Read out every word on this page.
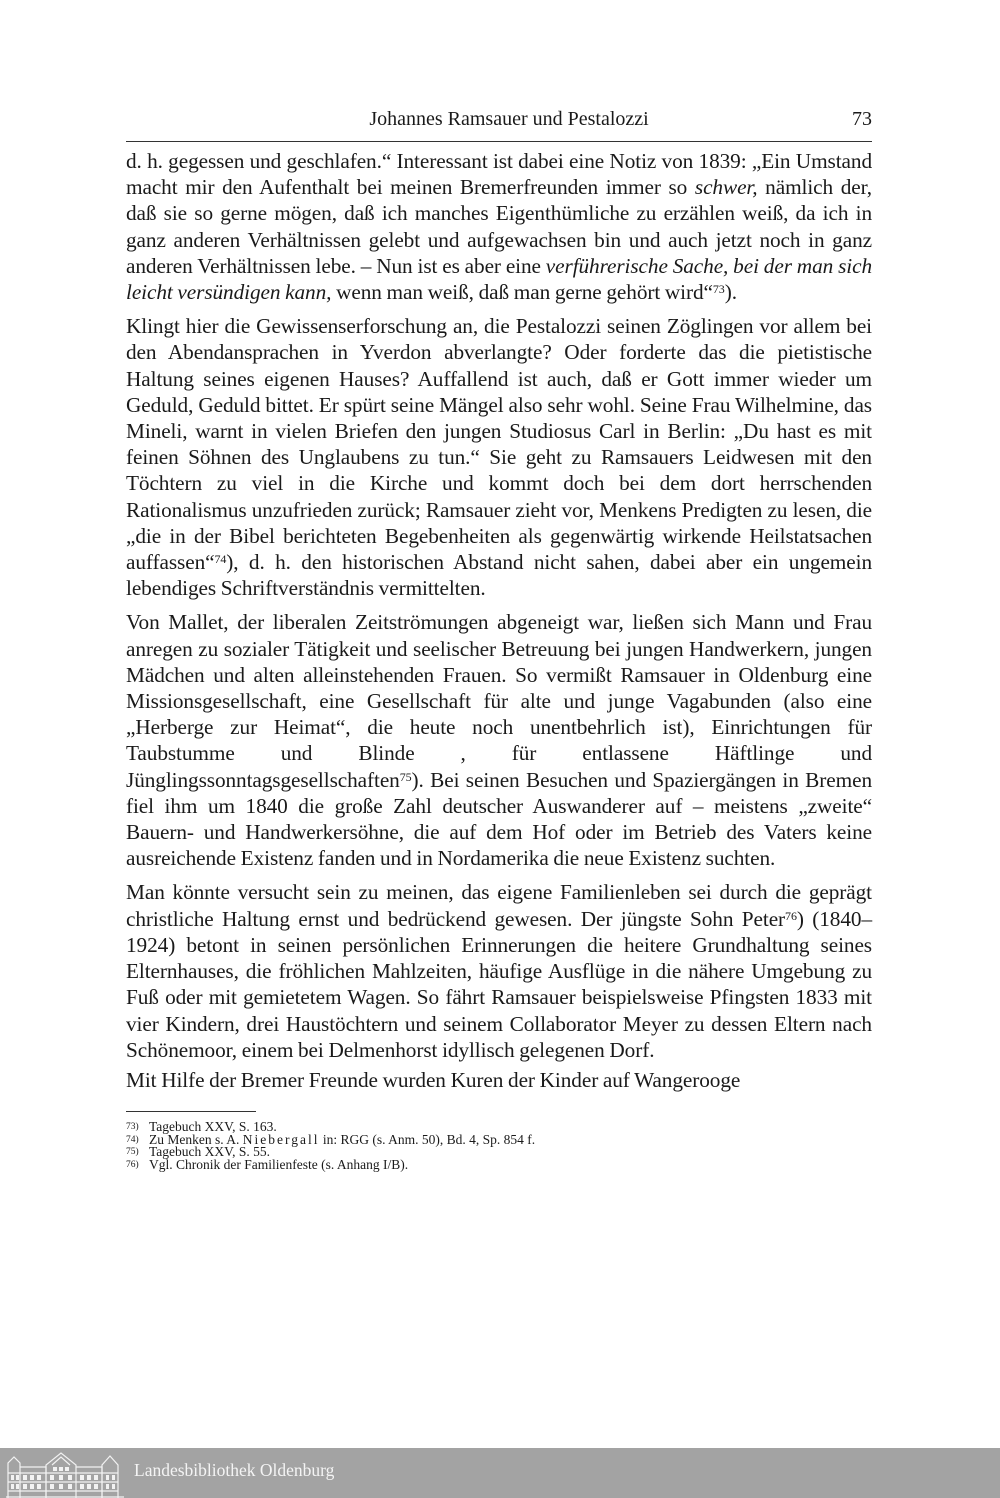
Johannes Ramsauer und Pestalozzi	73

d. h. gegessen und geschlafen.“ Interessant ist dabei eine Notiz von 1839: „Ein Umstand macht mir den Aufenthalt bei meinen Bremerfreunden immer so schwer, nämlich der, daß sie so gerne mögen, daß ich manches Eigenthümliche zu erzählen weiß, da ich in ganz anderen Verhältnissen gelebt und aufgewachsen bin und auch jetzt noch in ganz anderen Verhältnissen lebe. – Nun ist es aber eine verführerische Sache, bei der man sich leicht versündigen kann, wenn man weiß, daß man gerne gehört wird“$^{73}$).

Klingt hier die Gewissenserforschung an, die Pestalozzi seinen Zöglingen vor allem bei den Abendansprachen in Yverdon abverlangte? Oder forderte das die pietistische Haltung seines eigenen Hauses? Auffallend ist auch, daß er Gott immer wieder um Geduld, Geduld bittet. Er spürt seine Mängel also sehr wohl. Seine Frau Wilhelmine, das Mineli, warnt in vielen Briefen den jungen Studiosus Carl in Berlin: „Du hast es mit feinen Söhnen des Unglaubens zu tun.“ Sie geht zu Ramsauers Leidwesen mit den Töchtern zu viel in die Kirche und kommt doch bei dem dort herrschenden Rationalismus unzufrieden zurück; Ramsauer zieht vor, Menkens Predigten zu lesen, die „die in der Bibel berichteten Begebenheiten als gegenwärtig wirkende Heilstatsachen auffassen“$^{74}$), d. h. den historischen Abstand nicht sahen, dabei aber ein ungemein lebendiges Schriftverständnis vermittelten.

Von Mallet, der liberalen Zeitströmungen abgeneigt war, ließen sich Mann und Frau anregen zu sozialer Tätigkeit und seelischer Betreuung bei jungen Handwerkern, jungen Mädchen und alten alleinstehenden Frauen. So vermißt Ramsauer in Oldenburg eine Missionsgesellschaft, eine Gesellschaft für alte und junge Vagabunden (also eine „Herberge zur Heimat“, die heute noch unentbehrlich ist), Einrichtungen für Taubstumme und Blinde , für entlassene Häftlinge und Jünglingssonntagsgesellschaften$^{75}$). Bei seinen Besuchen und Spaziergängen in Bremen fiel ihm um 1840 die große Zahl deutscher Auswanderer auf – meistens „zweite“ Bauern- und Handwerkersöhne, die auf dem Hof oder im Betrieb des Vaters keine ausreichende Existenz fanden und in Nordamerika die neue Existenz suchten.

Man könnte versucht sein zu meinen, das eigene Familienleben sei durch die geprägt christliche Haltung ernst und bedrückend gewesen. Der jüngste Sohn Peter$^{76}$) (1840–1924) betont in seinen persönlichen Erinnerungen die heitere Grundhaltung seines Elternhauses, die fröhlichen Mahlzeiten, häufige Ausflüge in die nähere Umgebung zu Fuß oder mit gemietetem Wagen. So fährt Ramsauer beispielsweise Pfingsten 1833 mit vier Kindern, drei Haustöchtern und seinem Collaborator Meyer zu dessen Eltern nach Schönemoor, einem bei Delmenhorst idyllisch gelegenen Dorf.

Mit Hilfe der Bremer Freunde wurden Kuren der Kinder auf Wangerooge

73) Tagebuch XXV, S. 163.
74) Zu Menken s. A. Niebergall in: RGG (s. Anm. 50), Bd. 4, Sp. 854 f.
75) Tagebuch XXV, S. 55.
76) Vgl. Chronik der Familienfeste (s. Anhang I/B).
Landesbibliothek Oldenburg
